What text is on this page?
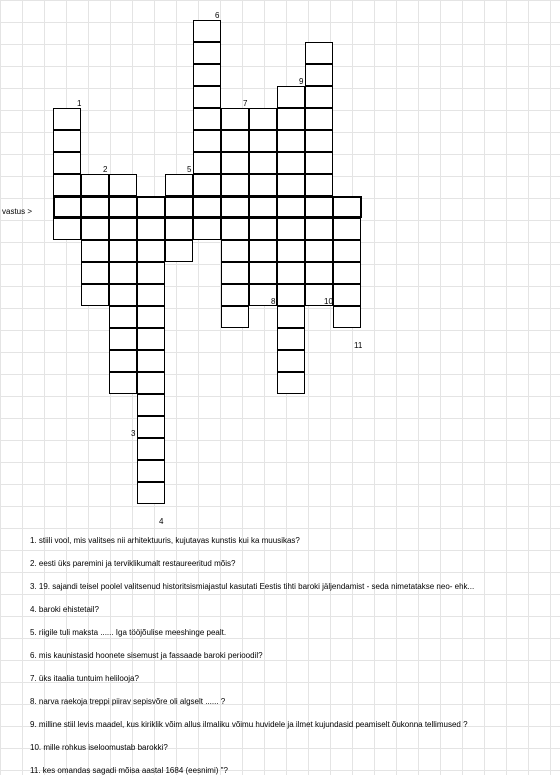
vastus >
1
2
3
4
5
6
7
8
9
10
11
1. stiili vool, mis valitses nii arhitektuuris, kujutavas kunstis kui ka muusikas?
2. eesti üks paremini ja terviklikumalt restaureeritud mõis?
3. 19. sajandi teisel poolel valitsenud historitsismiajastul kasutati Eestis tihti baroki jäljendamist - seda nimetatakse neo- ehk...
4. baroki ehistetail?
5. riigile tuli maksta ...... Iga tööjõulise meeshinge pealt.
6. mis kaunistasid hoonete sisemust ja fassaade baroki perioodil?
7. üks itaalia tuntuim helilooja?
8. narva raekoja treppi piirav sepisvõre oli algselt ...... ?
9. milline stiil levis maadel, kus kiriklik võim allus ilmaliku võimu huvidele ja ilmet kujundasid peamiselt õukonna tellimused ?
10. mille rohkus iseloomustab barokki?
11. kes omandas sagadi mõisa aastal 1684 (eesnimi) "?
